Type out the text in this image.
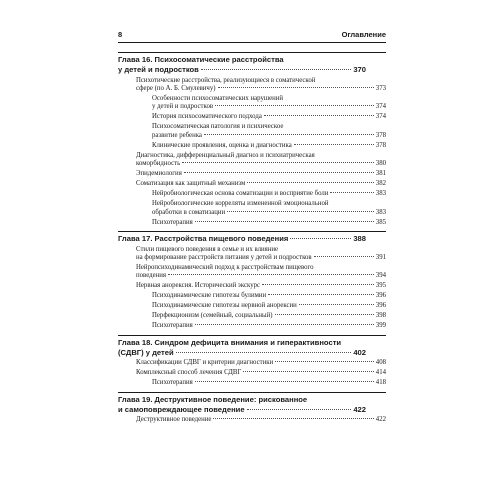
8	Оглавление
Глава 16. Психосоматические расстройства
у детей и подростков	370
Психотические расстройства, реализующиеся в соматической
сфере (по А. Б. Смулевичу)	373
Особенности психосоматических нарушений
у детей и подростков	374
История психосоматического подхода	374
Психосоматическая патология и психическое
развитие ребенка	378
Клинические проявления, оценка и диагностика	378
Диагностика, дифференциальный диагноз и психиатрическая
коморбидность	380
Эпидемиология	381
Соматизация как защитный механизм	382
Нейробиологическая основа соматизации и восприятие боли	383
Нейробиологические корреляты измененной эмоциональной
обработки в соматизации	383
Психотерапия	385
Глава 17. Расстройства пищевого поведения	388
Стили пищевого поведения в семье и их влияние
на формирование расстройств питания у детей и подростков	391
Нейропсиходинамический подход к расстройствам пищевого
поведения	394
Нервная анорексия. Исторический экскурс	395
Психодинамические гипотезы булимии	396
Психодинамические гипотезы нервной анорексии	396
Перфекционизм (семейный, социальный)	398
Психотерапия	399
Глава 18. Синдром дефицита внимания и гиперактивности
(СДВГ) у детей	402
Классификации СДВГ и критерии диагностики	408
Комплексный способ лечения СДВГ	414
Психотерапия	418
Глава 19. Деструктивное поведение: рискованное
и самоповреждающее поведение	422
Деструктивное поведение	422
